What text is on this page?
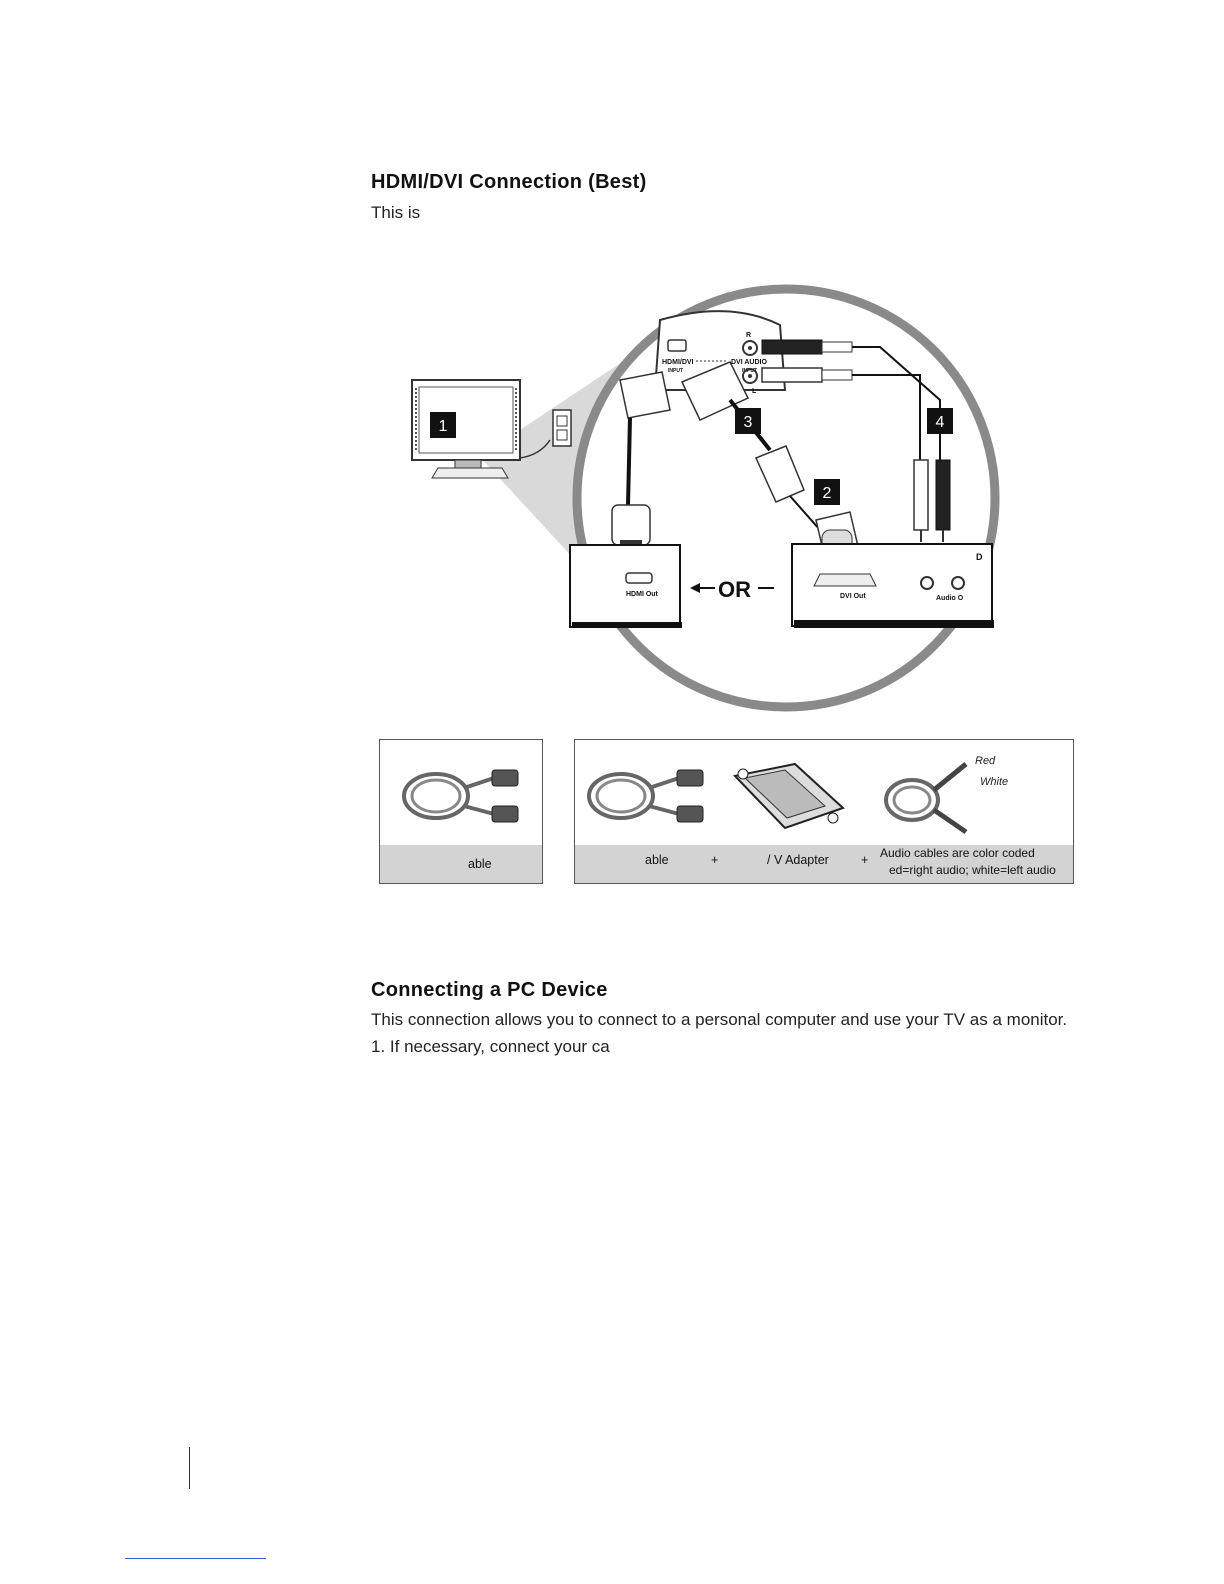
HDMI/DVI Connection (Best)
This is
1
HDMI/DVI
INPUT
DVI AUDIO
INPUT
R
L
4
3
2
HDMI Out	OR	DVI Out	Audio O
D
able
Red
White
able	+	/ V Adapter	+ Audio cables are color coded
ed=right audio; white=left audio
Connecting a PC Device
This connection allows you to connect to a personal computer and use your TV as a monitor.
1. If necessary, connect your ca
